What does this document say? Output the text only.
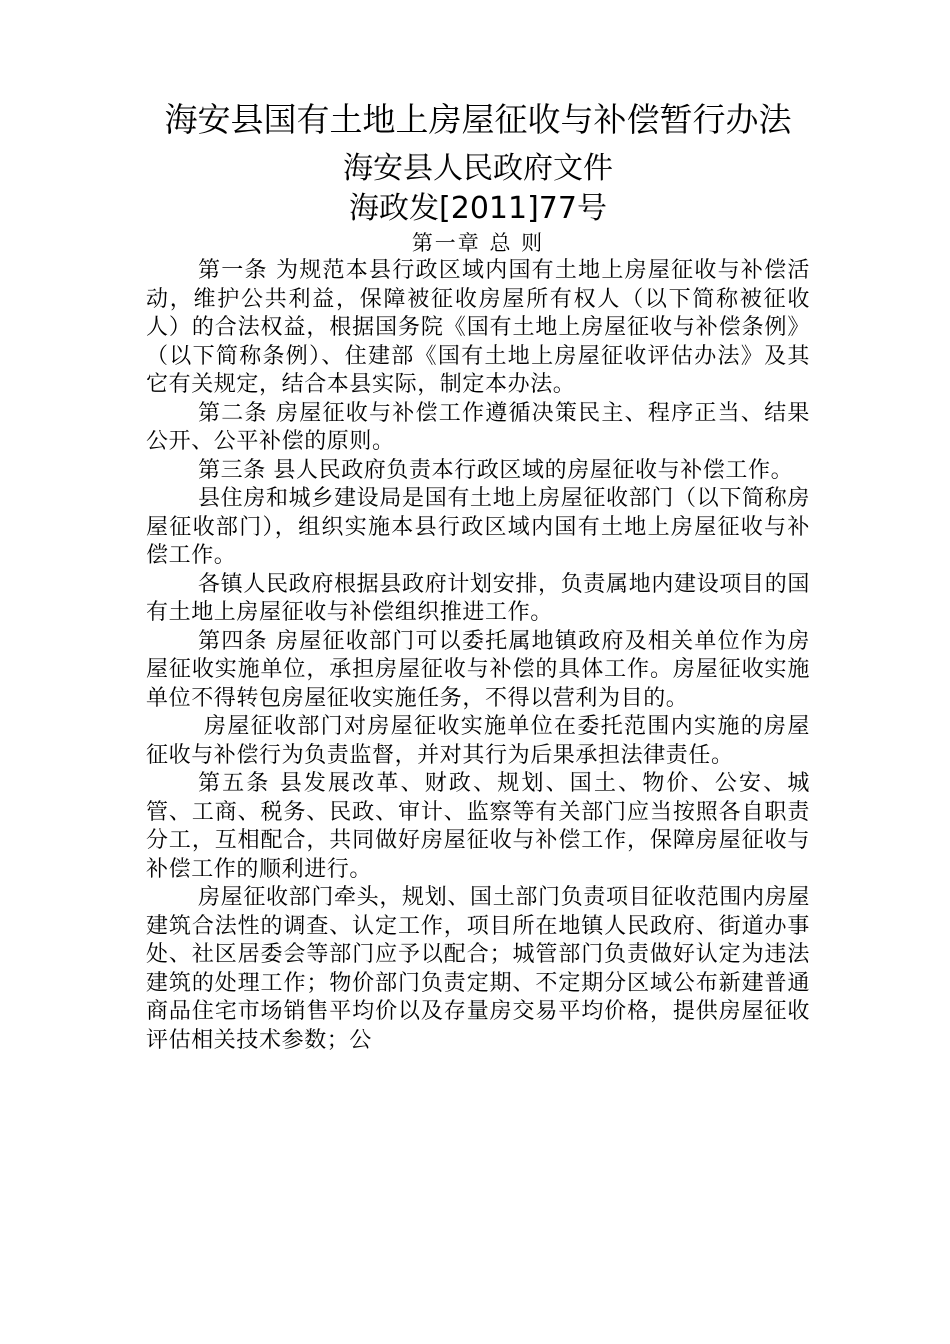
海安县国有土地上房屋征收与补偿暂行办法
海安县人民政府文件
海政发[2011]77号
第一章 总 则

第一条 为规范本县行政区域内国有土地上房屋征收与补偿活动，维护公共利益，保障被征收房屋所有权人（以下简称被征收人）的合法权益，根据国务院《国有土地上房屋征收与补偿条例》（以下简称条例）、住建部《国有土地上房屋征收评估办法》及其它有关规定，结合本县实际，制定本办法。

第二条 房屋征收与补偿工作遵循决策民主、程序正当、结果公开、公平补偿的原则。

第三条 县人民政府负责本行政区域的房屋征收与补偿工作。

县住房和城乡建设局是国有土地上房屋征收部门（以下简称房屋征收部门），组织实施本县行政区域内国有土地上房屋征收与补偿工作。

各镇人民政府根据县政府计划安排，负责属地内建设项目的国有土地上房屋征收与补偿组织推进工作。

第四条 房屋征收部门可以委托属地镇政府及相关单位作为房屋征收实施单位，承担房屋征收与补偿的具体工作。房屋征收实施单位不得转包房屋征收实施任务，不得以营利为目的。

房屋征收部门对房屋征收实施单位在委托范围内实施的房屋征收与补偿行为负责监督，并对其行为后果承担法律责任。

第五条 县发展改革、财政、规划、国土、物价、公安、城管、工商、税务、民政、审计、监察等有关部门应当按照各自职责分工，互相配合，共同做好房屋征收与补偿工作，保障房屋征收与补偿工作的顺利进行。

房屋征收部门牵头，规划、国土部门负责项目征收范围内房屋建筑合法性的调查、认定工作，项目所在地镇人民政府、街道办事处、社区居委会等部门应予以配合；城管部门负责做好认定为违法建筑的处理工作；物价部门负责定期、不定期分区域公布新建普通商品住宅市场销售平均价以及存量房交易平均价格，提供房屋征收评估相关技术参数；公
